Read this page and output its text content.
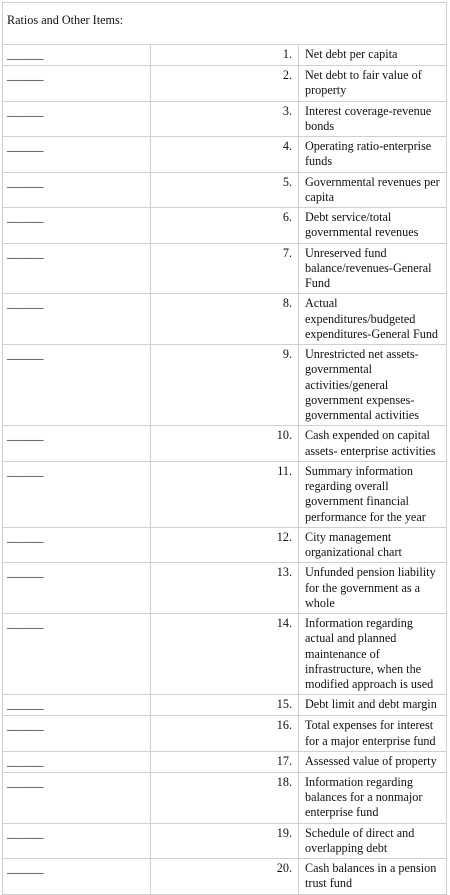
Ratios and Other Items:		
______	1.	Net debt per capita
______	2.	Net debt to fair value of property
______	3.	Interest coverage-revenue bonds
______	4.	Operating ratio-enterprise funds
______	5.	Governmental revenues per capita
______	6.	Debt service/total governmental revenues
______	7.	Unreserved fund balance/revenues-General Fund
______	8.	Actual expenditures/budgeted expenditures-General Fund
______	9.	Unrestricted net assets-governmental activities/general government expenses-governmental activities
______	10.	Cash expended on capital assets- enterprise activities
______	11.	Summary information regarding overall government financial performance for the year
______	12.	City management organizational chart
______	13.	Unfunded pension liability for the government as a whole
______	14.	Information regarding actual and planned maintenance of infrastructure, when the modified approach is used
______	15.	Debt limit and debt margin
______	16.	Total expenses for interest for a major enterprise fund
______	17.	Assessed value of property
______	18.	Information regarding balances for a nonmajor enterprise fund
______	19.	Schedule of direct and overlapping debt
______	20.	Cash balances in a pension trust fund
